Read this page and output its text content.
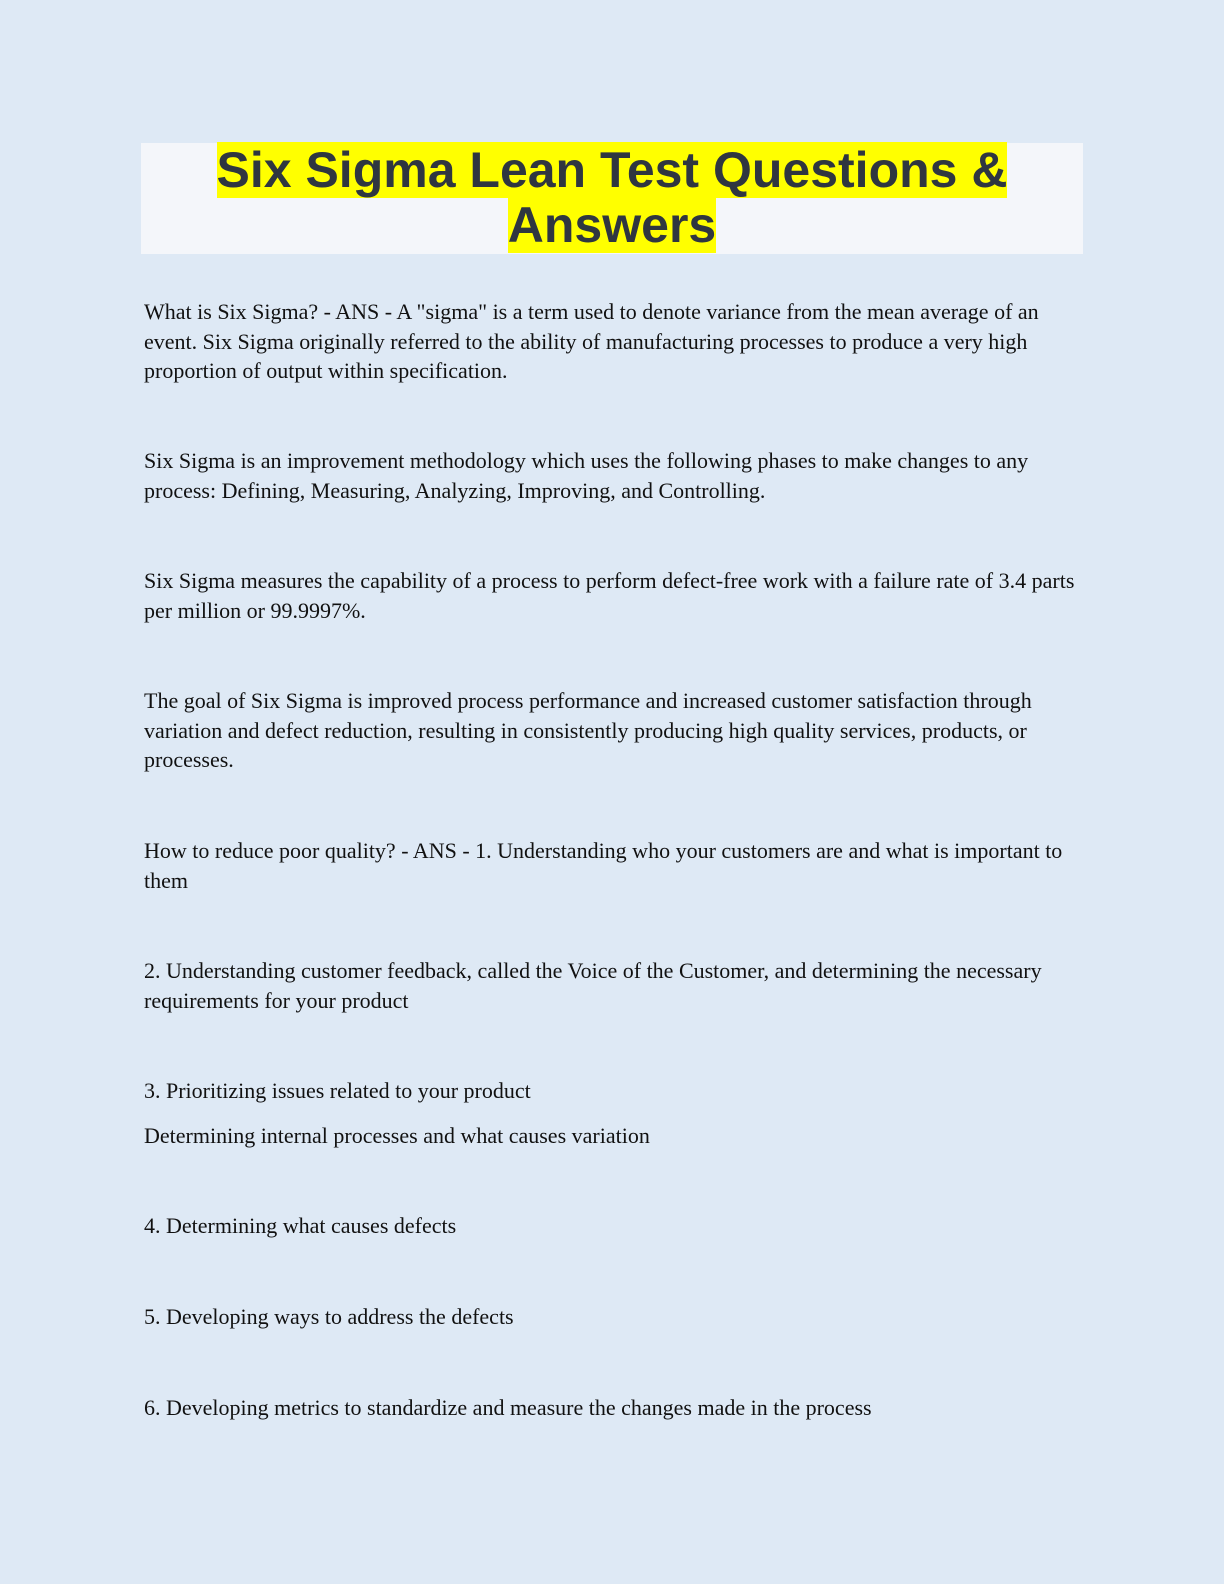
Six Sigma Lean Test Questions & Answers

What is Six Sigma? - ANS - A "sigma" is a term used to denote variance from the mean average of an event. Six Sigma originally referred to the ability of manufacturing processes to produce a very high proportion of output within specification.

Six Sigma is an improvement methodology which uses the following phases to make changes to any process: Defining, Measuring, Analyzing, Improving, and Controlling.

Six Sigma measures the capability of a process to perform defect-free work with a failure rate of 3.4 parts per million or 99.9997%.

The goal of Six Sigma is improved process performance and increased customer satisfaction through variation and defect reduction, resulting in consistently producing high quality services, products, or processes.

How to reduce poor quality? - ANS - 1. Understanding who your customers are and what is important to them

2. Understanding customer feedback, called the Voice of the Customer, and determining the necessary requirements for your product

3. Prioritizing issues related to your product

Determining internal processes and what causes variation

4. Determining what causes defects

5. Developing ways to address the defects

6. Developing metrics to standardize and measure the changes made in the process
